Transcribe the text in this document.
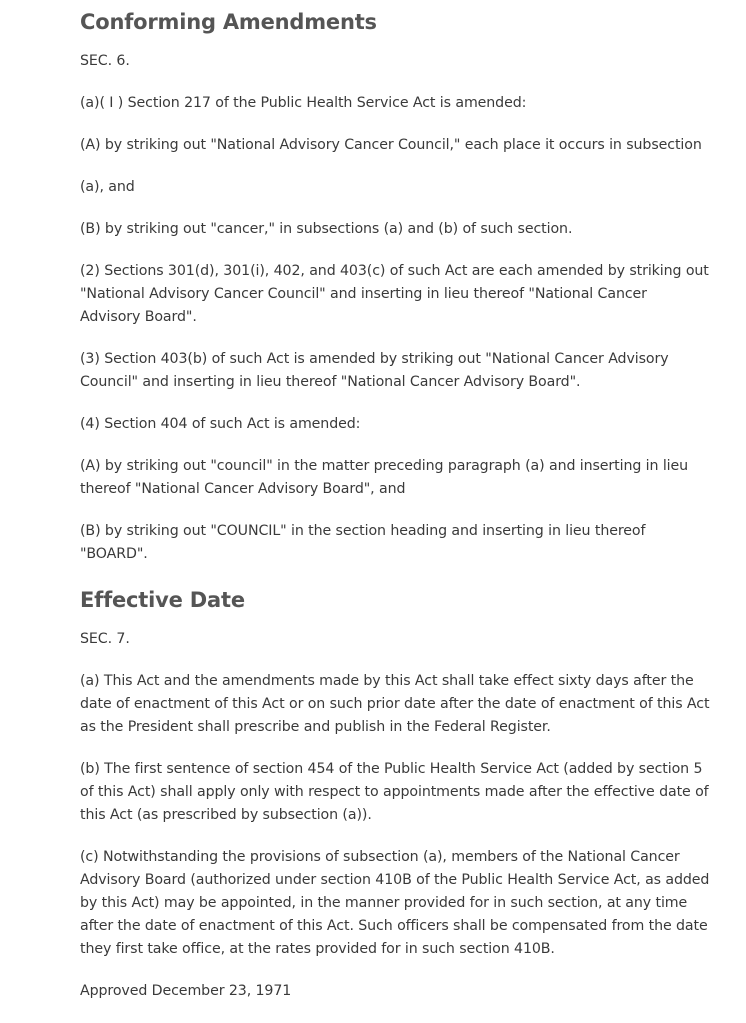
Conforming Amendments

SEC. 6.

(a)( I ) Section 217 of the Public Health Service Act is amended:

(A) by striking out "National Advisory Cancer Council," each place it occurs in subsection

(a), and

(B) by striking out "cancer," in subsections (a) and (b) of such section.

(2) Sections 301(d), 301(i), 402, and 403(c) of such Act are each amended by striking out "National Advisory Cancer Council" and inserting in lieu thereof "National Cancer Advisory Board".

(3) Section 403(b) of such Act is amended by striking out "National Cancer Advisory Council" and inserting in lieu thereof "National Cancer Advisory Board".

(4) Section 404 of such Act is amended:

(A) by striking out "council" in the matter preceding paragraph (a) and inserting in lieu thereof "National Cancer Advisory Board", and

(B) by striking out "COUNCIL" in the section heading and inserting in lieu thereof "BOARD".

Effective Date

SEC. 7.

(a) This Act and the amendments made by this Act shall take effect sixty days after the date of enactment of this Act or on such prior date after the date of enactment of this Act as the President shall prescribe and publish in the Federal Register.

(b) The first sentence of section 454 of the Public Health Service Act (added by section 5 of this Act) shall apply only with respect to appointments made after the effective date of this Act (as prescribed by subsection (a)).

(c) Notwithstanding the provisions of subsection (a), members of the National Cancer Advisory Board (authorized under section 410B of the Public Health Service Act, as added by this Act) may be appointed, in the manner provided for in such section, at any time after the date of enactment of this Act. Such officers shall be compensated from the date they first take office, at the rates provided for in such section 410B.

Approved December 23, 1971
